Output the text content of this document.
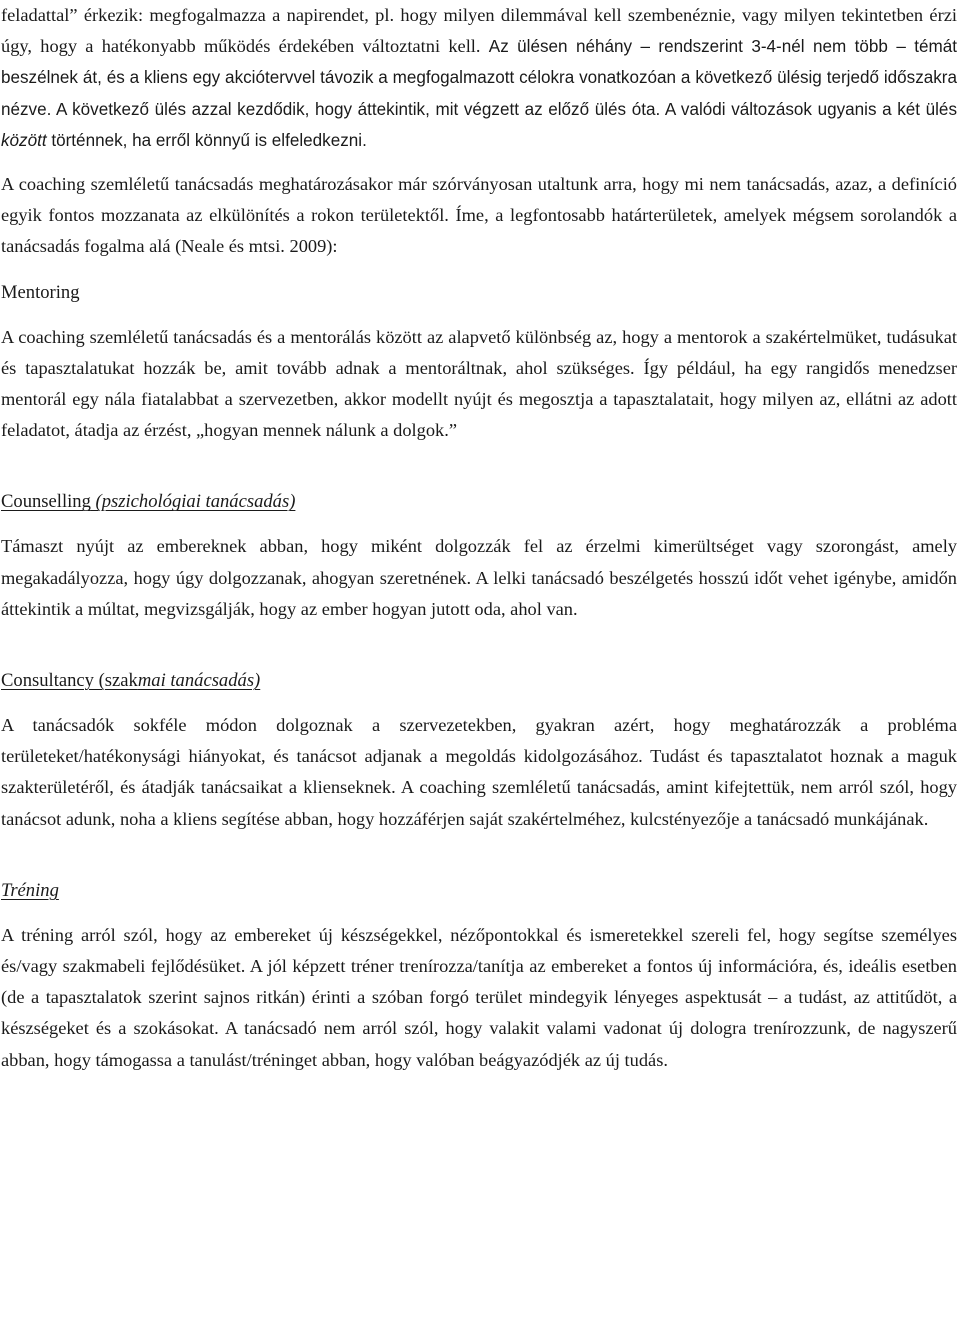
feladattal” érkezik: megfogalmazza a napirendet, pl. hogy milyen dilemmával kell szembenéznie, vagy milyen tekintetben érzi úgy, hogy a hatékonyabb működés érdekében változtatni kell. Az ülésen néhány – rendszerint 3-4-nél nem több – témát beszélnek át, és a kliens egy akciótervvel távozik a megfogalmazott célokra vonatkozóan a következő ülésig terjedő időszakra nézve. A következő ülés azzal kezdődik, hogy áttekintik, mit végzett az előző ülés óta. A valódi változások ugyanis a két ülés között történnek, ha erről könnyű is elfeledkezni.

A coaching szemléletű tanácsadás meghatározásakor már szórványosan utaltunk arra, hogy mi nem tanácsadás, azaz, a definíció egyik fontos mozzanata az elkülönítés a rokon területektől. Íme, a legfontosabb határterületek, amelyek mégsem sorolandók a tanácsadás fogalma alá (Neale és mtsi. 2009):

Mentoring

A coaching szemléletű tanácsadás és a mentorálás között az alapvető különbség az, hogy a mentorok a szakértelmüket, tudásukat és tapasztalatukat hozzák be, amit tovább adnak a mentoráltnak, ahol szükséges. Így például, ha egy rangidős menedzser mentorál egy nála fiatalabbat a szervezetben, akkor modellt nyújt és megosztja a tapasztalatait, hogy milyen az, ellátni az adott feladatot, átadja az érzést, „hogyan mennek nálunk a dolgok.”

Counselling (pszichológiai tanácsadás)

Támaszt nyújt az embereknek abban, hogy miként dolgozzák fel az érzelmi kimerültséget vagy szorongást, amely megakadályozza, hogy úgy dolgozzanak, ahogyan szeretnének. A lelki tanácsadó beszélgetés hosszú időt vehet igénybe, amidőn áttekintik a múltat, megvizsgálják, hogy az ember hogyan jutott oda, ahol van.

Consultancy (szakmai tanácsadás)

A tanácsadók sokféle módon dolgoznak a szervezetekben, gyakran azért, hogy meghatározzák a probléma területeket/hatékonysági hiányokat, és tanácsot adjanak a megoldás kidolgozásához. Tudást és tapasztalatot hoznak a maguk szakterületéről, és átadják tanácsaikat a klienseknek. A coaching szemléletű tanácsadás, amint kifejtettük, nem arról szól, hogy tanácsot adunk, noha a kliens segítése abban, hogy hozzáférjen saját szakértelméhez, kulcstényezője a tanácsadó munkájának.

Tréning

A tréning arról szól, hogy az embereket új készségekkel, nézőpontokkal és ismeretekkel szereli fel, hogy segítse személyes és/vagy szakmabeli fejlődésüket. A jól képzett tréner trenírozza/tanítja az embereket a fontos új információra, és, ideális esetben (de a tapasztalatok szerint sajnos ritkán) érinti a szóban forgó terület mindegyik lényeges aspektusát – a tudást, az attitűdöt, a készségeket és a szokásokat. A tanácsadó nem arról szól, hogy valakit valami vadonat új dologra trenírozzunk, de nagyszerű abban, hogy támogassa a tanulást/tréninget abban, hogy valóban beágyazódjék az új tudás.
